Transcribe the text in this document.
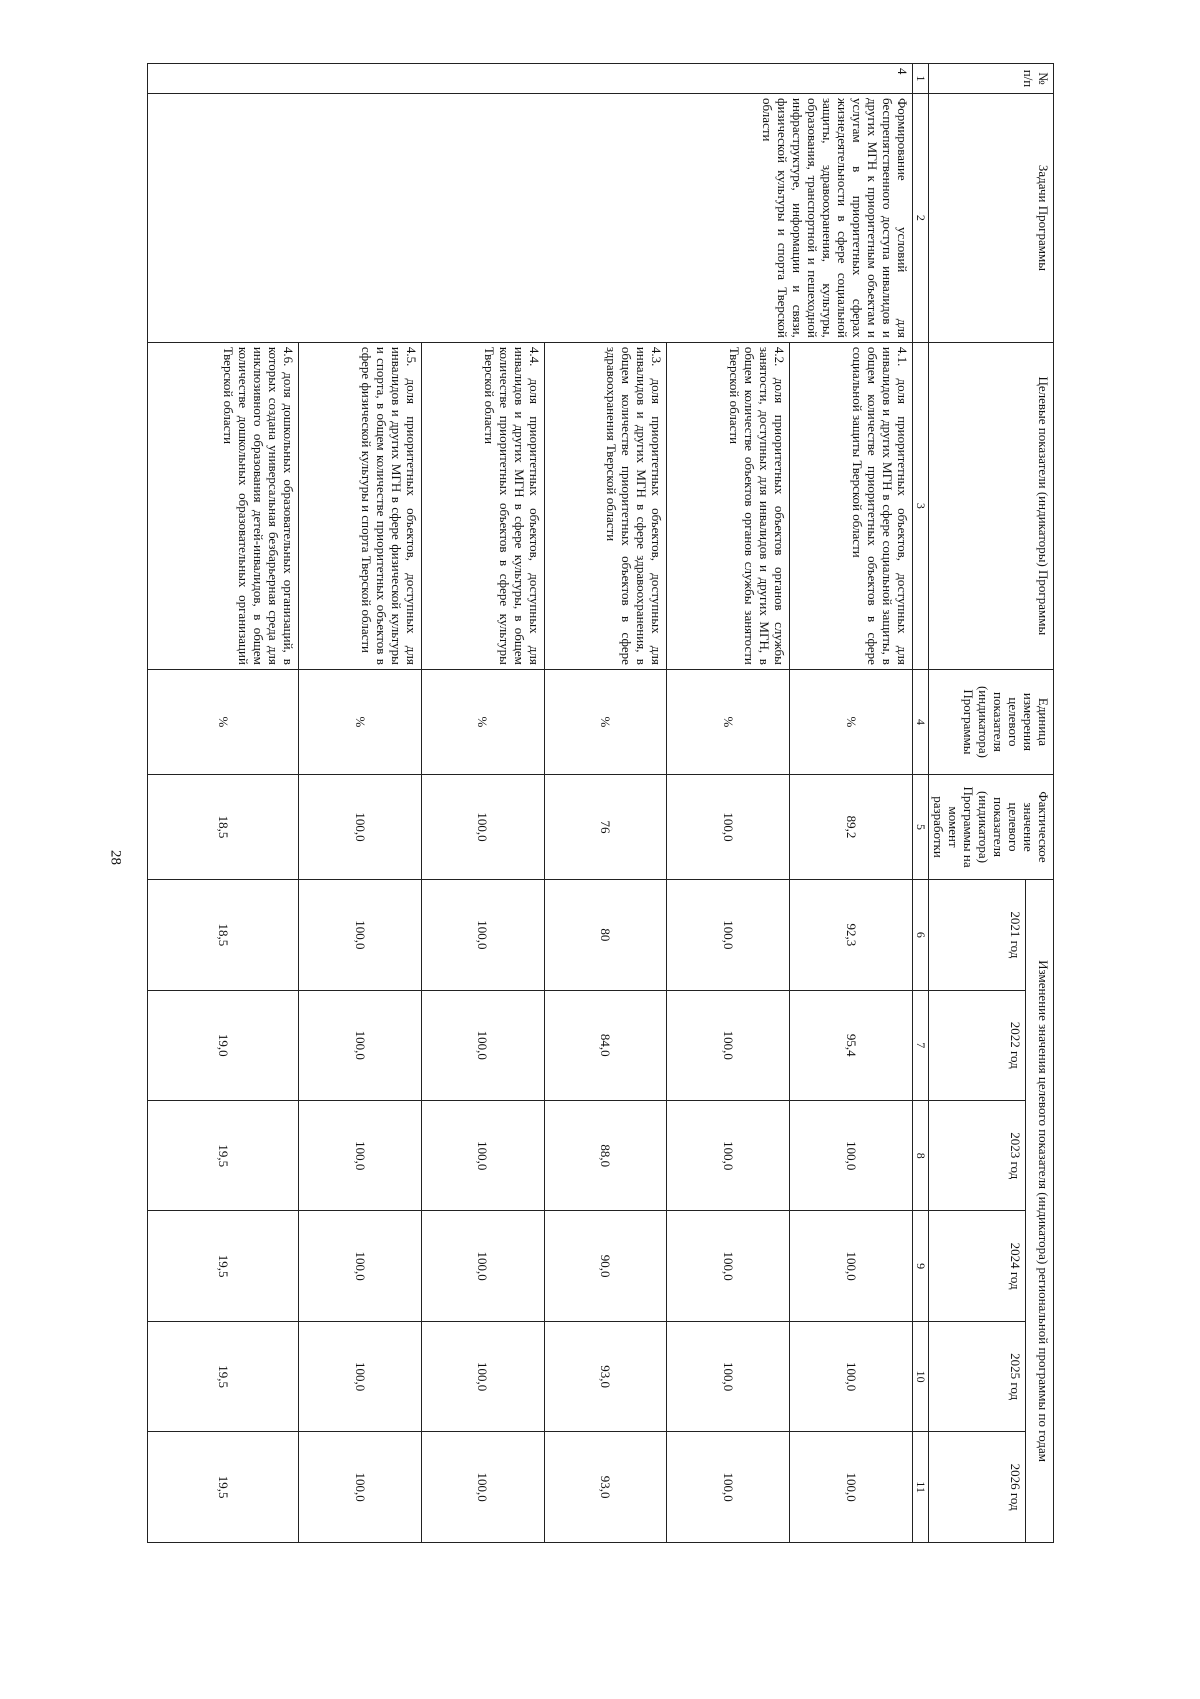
28
№ п/п	Задачи Программы	Целевые показатели (индикаторы) Программы	Единица измерения целевого показателя (индикатора) Программы	Фактическое значение целевого показателя (индикатора) Программы на момент разработки	Изменение значения целевого показателя (индикатора) региональной программы по годам					
					2021 год	2022 год	2023 год	2024 год	2025 год	2026 год
1	2	3	4	5	6	7	8	9	10	11
4	Формирование условий для беспрепятственного доступа инвалидов и других МГН к приоритетным объектам и услугам в приоритетных сферах жизнедеятельности в сфере социальной защиты, здравоохранения, культуры, образования, транспортной и пешеходной инфраструктуре, информации и связи, физической культуры и спорта Тверской области	4.1. доля приоритетных объектов, доступных для инвалидов и других МГН в сфере социальной защиты, в общем количестве приоритетных объектов в сфере социальной защиты Тверской области	%	89,2	92,3	95,4	100,0	100,0	100,0	100,0
		4.2. доля приоритетных объектов органов службы занятости, доступных для инвалидов и других МГН, в общем количестве объектов органов службы занятости Тверской области	%	100,0	100,0	100,0	100,0	100,0	100,0	100,0
		4.3. доля приоритетных объектов, доступных для инвалидов и других МГН в сфере здравоохранения, в общем количестве приоритетных объектов в сфере здравоохранения Тверской области	%	76	80	84,0	88,0	90,0	93,0	93,0
		4.4. доля приоритетных объектов, доступных для инвалидов и других МГН в сфере культуры, в общем количестве приоритетных объектов в сфере культуры Тверской области	%	100,0	100,0	100,0	100,0	100,0	100,0	100,0
		4.5. доля приоритетных объектов, доступных для инвалидов и других МГН в сфере физической культуры и спорта, в общем количестве приоритетных объектов в сфере физической культуры и спорта Тверской области	%	100,0	100,0	100,0	100,0	100,0	100,0	100,0
		4.6. доля дошкольных образовательных организаций, в которых создана универсальная безбарьерная среда для инклюзивного образования детей-инвалидов, в общем количестве дошкольных образовательных организаций Тверской области	%	18,5	18,5	19,0	19,5	19,5	19,5	19,5
